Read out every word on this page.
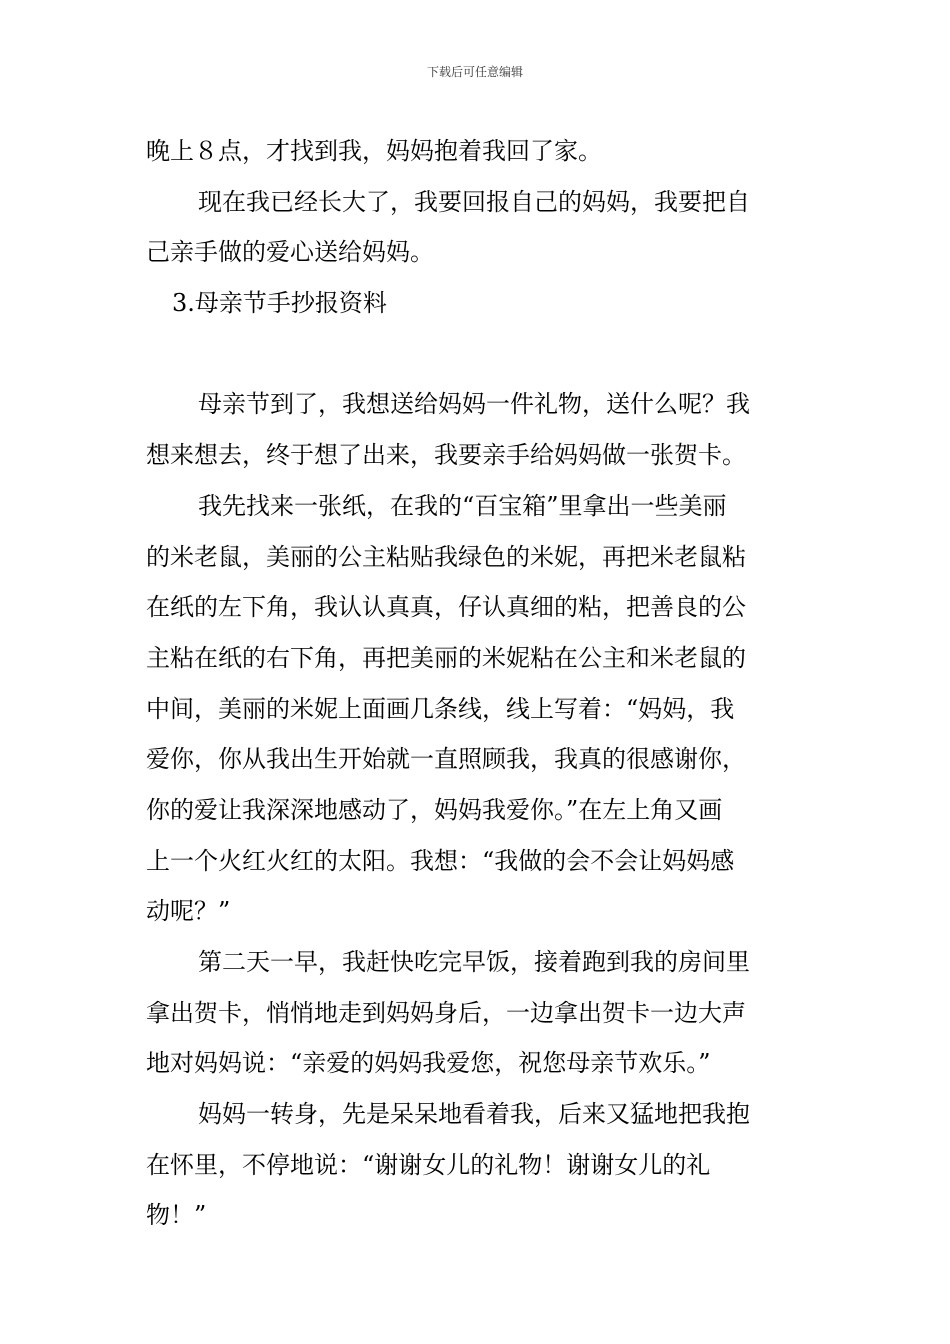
下载后可任意编辑
晚上８点，才找到我，妈妈抱着我回了家。
现在我已经长大了，我要回报自己的妈妈，我要把自
己亲手做的爱心送给妈妈。
3.母亲节手抄报资料
母亲节到了，我想送给妈妈一件礼物，送什么呢？我
想来想去，终于想了出来，我要亲手给妈妈做一张贺卡。
我先找来一张纸，在我的“百宝箱”里拿出一些美丽
的米老鼠，美丽的公主粘贴我绿色的米妮，再把米老鼠粘
在纸的左下角，我认认真真，仔认真细的粘，把善良的公
主粘在纸的右下角，再把美丽的米妮粘在公主和米老鼠的
中间，美丽的米妮上面画几条线，线上写着：“妈妈，我
爱你，你从我出生开始就一直照顾我，我真的很感谢你，
你的爱让我深深地感动了，妈妈我爱你。”在左上角又画
上一个火红火红的太阳。我想：“我做的会不会让妈妈感
动呢？”
第二天一早，我赶快吃完早饭，接着跑到我的房间里
拿出贺卡，悄悄地走到妈妈身后，一边拿出贺卡一边大声
地对妈妈说：“亲爱的妈妈我爱您，祝您母亲节欢乐。”
妈妈一转身，先是呆呆地看着我，后来又猛地把我抱
在怀里，不停地说：“谢谢女儿的礼物！谢谢女儿的礼
物！”
